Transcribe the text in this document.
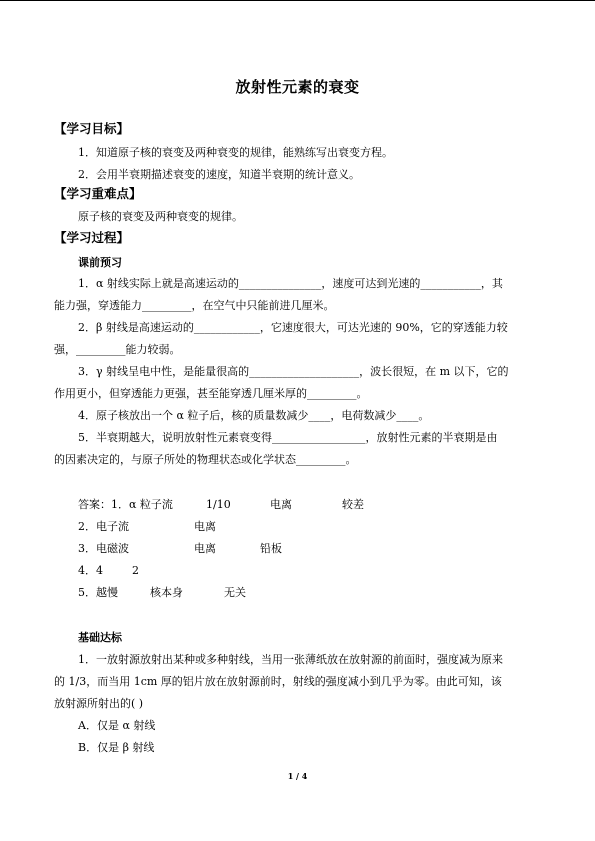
放射性元素的衰变
【学习目标】
1．知道原子核的衰变及两种衰变的规律，能熟练写出衰变方程。
2．会用半衰期描述衰变的速度，知道半衰期的统计意义。
【学习重难点】
原子核的衰变及两种衰变的规律。
【学习过程】
课前预习
1．α 射线实际上就是高速运动的_______________，速度可达到光速的___________，其
能力强，穿透能力_________，在空气中只能前进几厘米。
2．β 射线是高速运动的____________，它速度很大，可达光速的 90%，它的穿透能力较
强，_________能力较弱。
3．γ 射线呈电中性，是能量很高的____________________，波长很短，在 m 以下，它的
作用更小，但穿透能力更强，甚至能穿透几厘米厚的_________。
4．原子核放出一个 α 粒子后，核的质量数减少____，电荷数减少____。
5．半衰期越大，说明放射性元素衰变得_________________，放射性元素的半衰期是由
的因素决定的，与原子所处的物理状态或化学状态_________。
答案：1．α 粒子流	1/10	电离	较差
2．电子流	电离
3．电磁波	电离	铅板
4．4	2
5．越慢	核本身	无关
基础达标
1．一放射源放射出某种或多种射线，当用一张薄纸放在放射源的前面时，强度减为原来
的 1/3，而当用 1cm 厚的铝片放在放射源前时，射线的强度减小到几乎为零。由此可知，该
放射源所射出的( )
A．仅是 α 射线
B．仅是 β 射线
1 / 4
